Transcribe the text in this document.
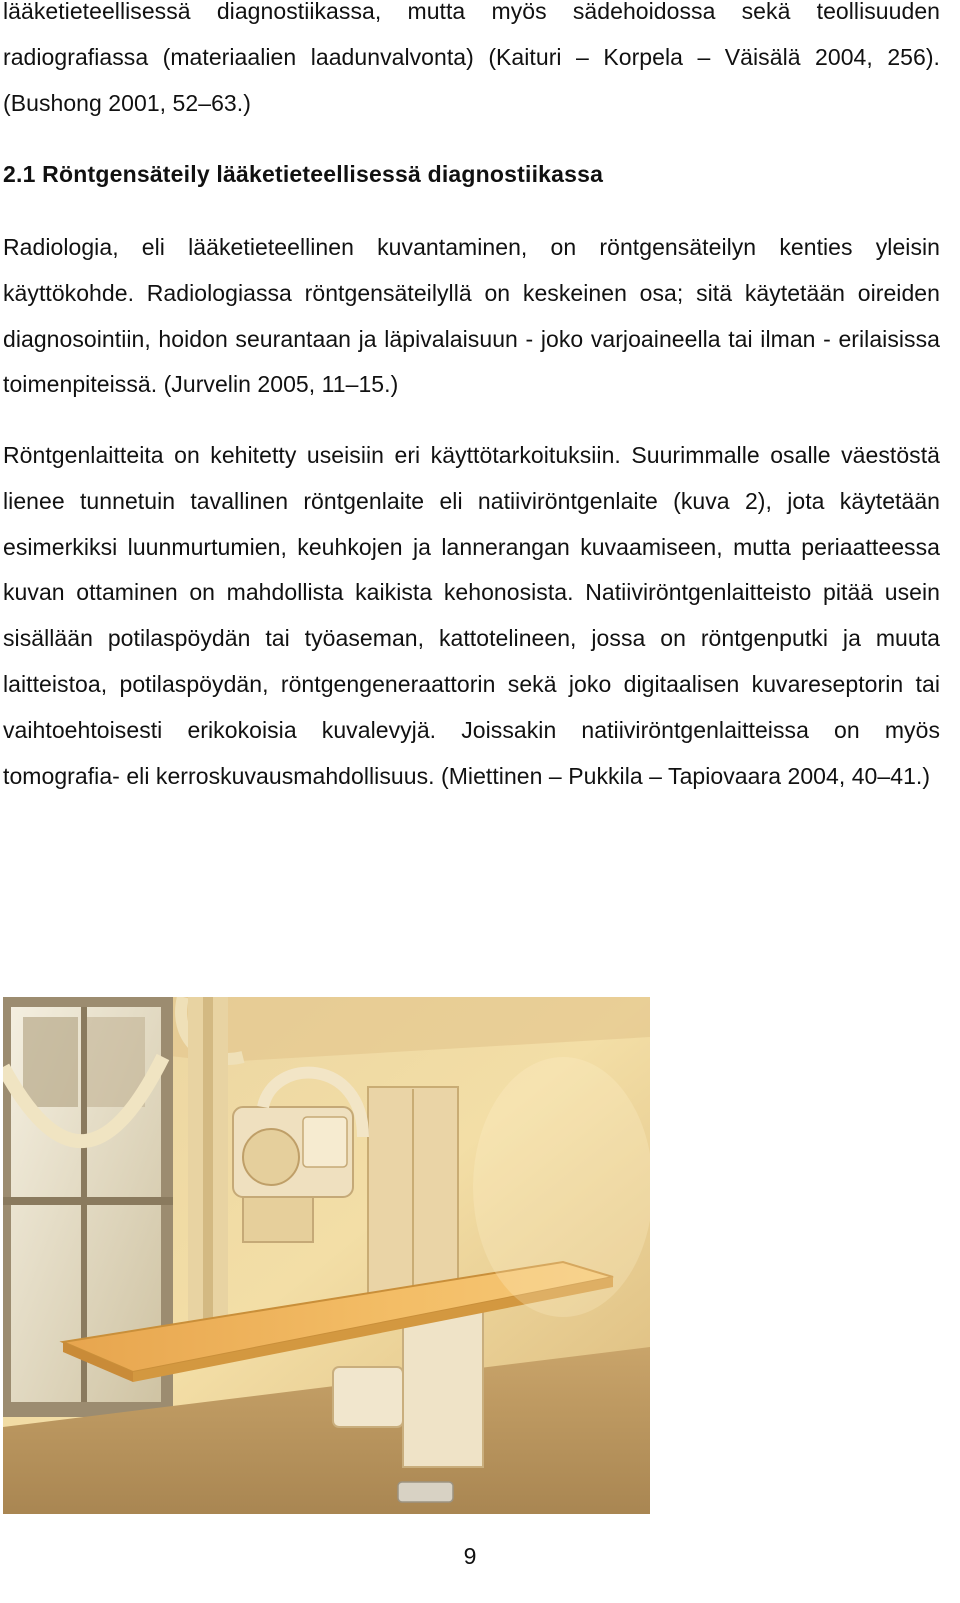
lääketieteellisessä diagnostiikassa, mutta myös sädehoidossa sekä teollisuuden radiografiassa (materiaalien laadunvalvonta) (Kaituri – Korpela – Väisälä 2004, 256). (Bushong 2001, 52–63.)

2.1 Röntgensäteily lääketieteellisessä diagnostiikassa

Radiologia, eli lääketieteellinen kuvantaminen, on röntgensäteilyn kenties yleisin käyttökohde. Radiologiassa röntgensäteilyllä on keskeinen osa; sitä käytetään oireiden diagnosointiin, hoidon seurantaan ja läpivalaisuun - joko varjoaineella tai ilman - erilaisissa toimenpiteissä. (Jurvelin 2005, 11–15.)

Röntgenlaitteita on kehitetty useisiin eri käyttötarkoituksiin. Suurimmalle osalle väestöstä lienee tunnetuin tavallinen röntgenlaite eli natiiviröntgenlaite (kuva 2), jota käytetään esimerkiksi luunmurtumien, keuhkojen ja lannerangan kuvaamiseen, mutta periaatteessa kuvan ottaminen on mahdollista kaikista kehonosista. Natiiviröntgenlaitteisto pitää usein sisällään potilaspöydän tai työaseman, kattotelineen, jossa on röntgenputki ja muuta laitteistoa, potilaspöydän, röntgengeneraattorin sekä joko digitaalisen kuvareseptorin tai vaihtoehtoisesti erikokoisia kuvalevyjä. Joissakin natiiviröntgenlaitteissa on myös tomografia- eli kerroskuvausmahdollisuus. (Miettinen – Pukkila – Tapiovaara 2004, 40–41.)

9
